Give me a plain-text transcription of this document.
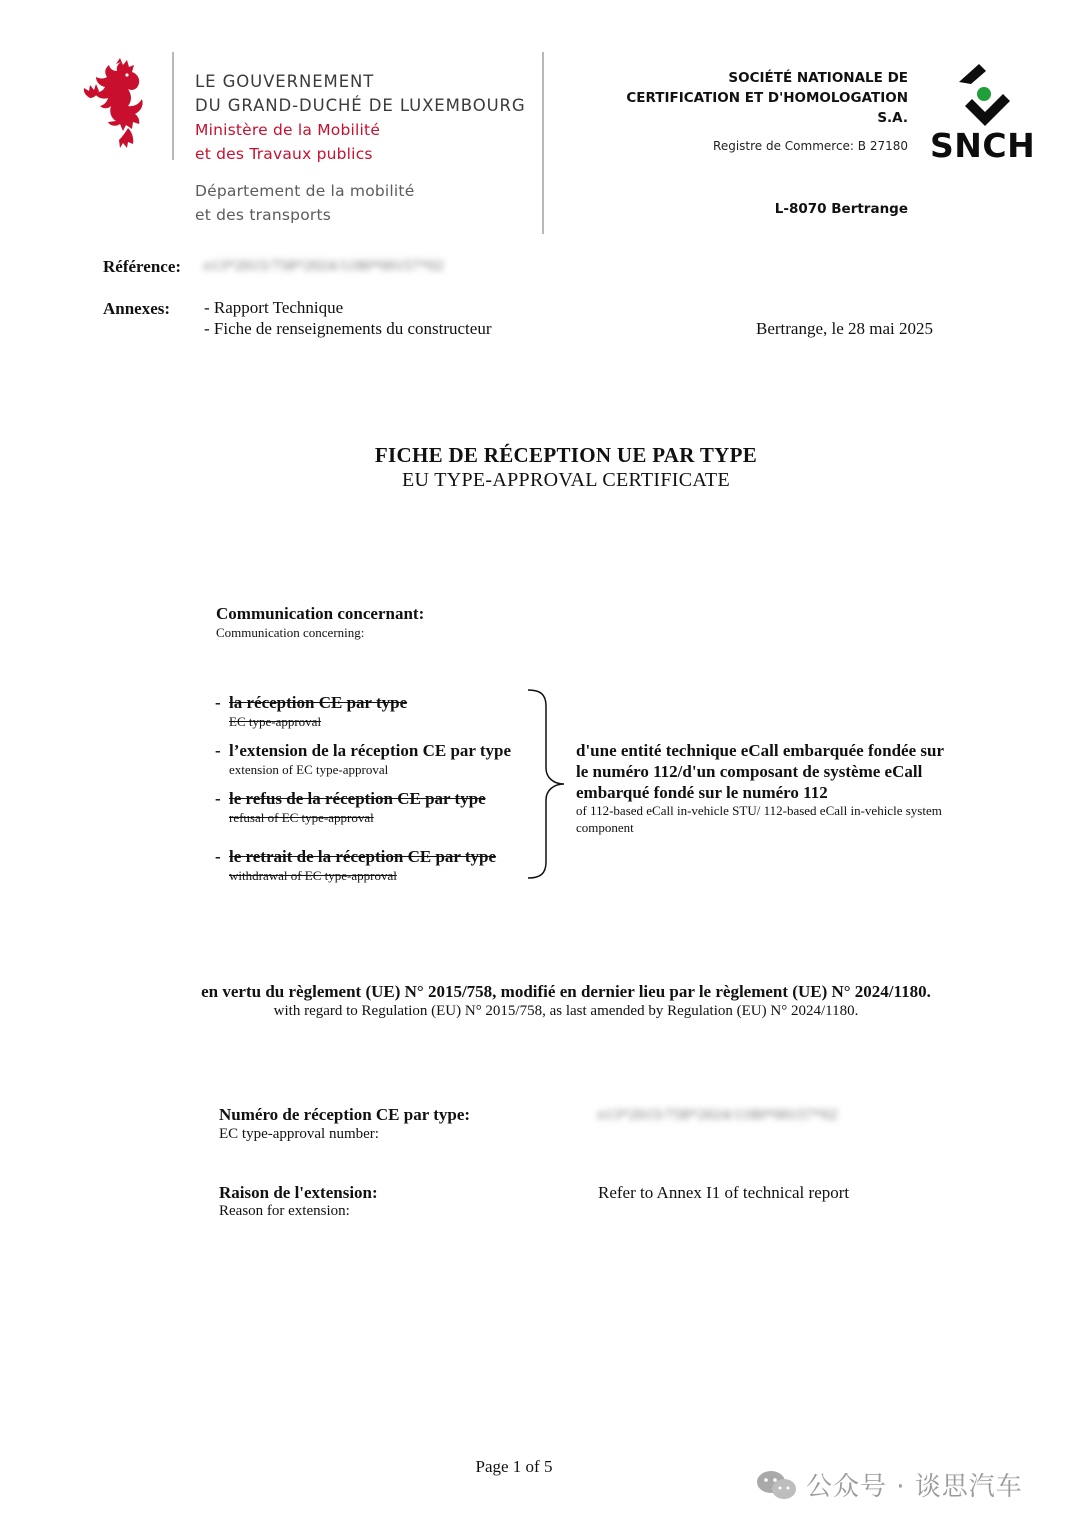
LE GOUVERNEMENT
DU GRAND-DUCHÉ DE LUXEMBOURG
Ministère de la Mobilité
et des Travaux publics
Département de la mobilité
et des transports
SOCIÉTÉ NATIONALE DE
CERTIFICATION ET D'HOMOLOGATION
S.A.
Registre de Commerce: B 27180
L-8070 Bertrange
SNCH
Référence: e13*2015/758*2024/1180*00157*02
Annexes: - Rapport Technique
- Fiche de renseignements du constructeur	Bertrange, le 28 mai 2025
FICHE DE RÉCEPTION UE PAR TYPE
EU TYPE-APPROVAL CERTIFICATE
Communication concernant:
Communication concerning:
- la réception CE par type
EC type-approval
- l’extension de la réception CE par type
extension of EC type-approval
- le refus de la réception CE par type
refusal of EC type-approval
- le retrait de la réception CE par type
withdrawal of EC type-approval
d'une entité technique eCall embarquée fondée sur
le numéro 112/d'un composant de système eCall
embarqué fondé sur le numéro 112
of 112-based eCall in-vehicle STU/ 112-based eCall in-vehicle system
component
en vertu du règlement (UE) N° 2015/758, modifié en dernier lieu par le règlement (UE) N° 2024/1180.
with regard to Regulation (EU) N° 2015/758, as last amended by Regulation (EU) N° 2024/1180.
Numéro de réception CE par type:
EC type-approval number:
e13*2015/758*2024/1180*00157*02
Raison de l'extension:
Reason for extension:
Refer to Annex I1 of technical report
Page 1 of 5
公众号 · 谈思汽车
